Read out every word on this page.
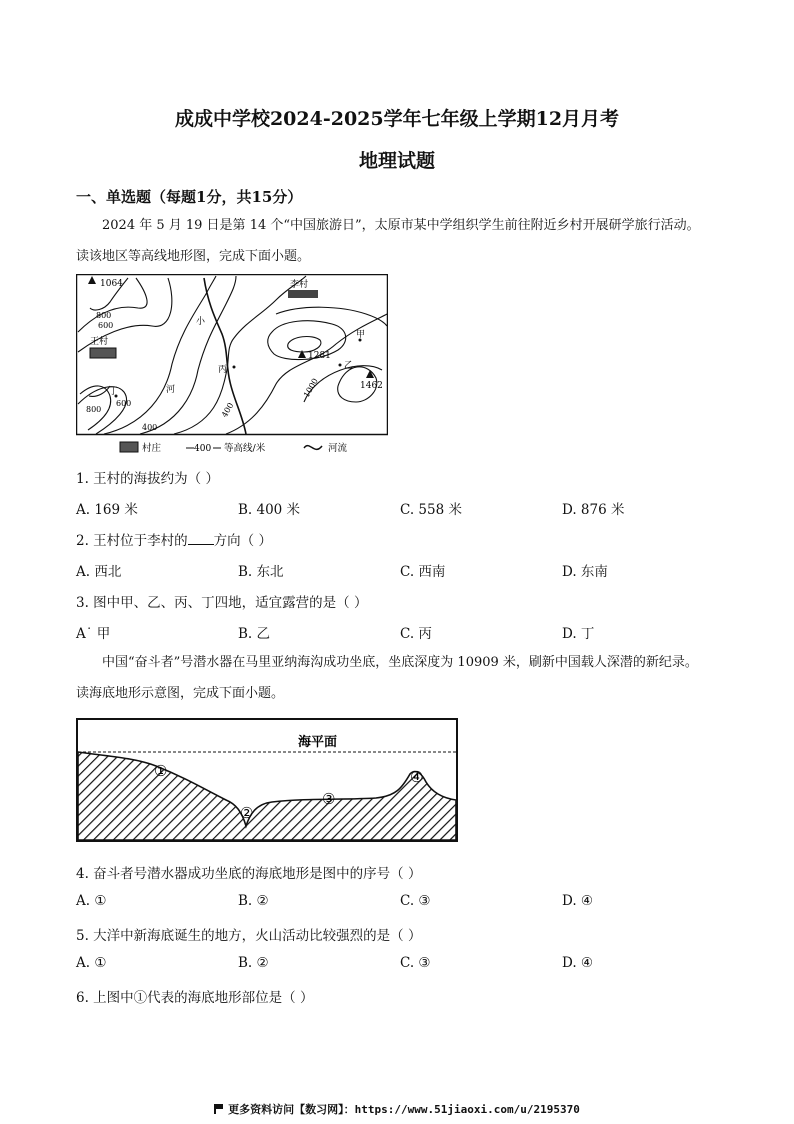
成成中学校2024-2025学年七年级上学期12月月考
地理试题
一、单选题（每题1分，共15分）
2024 年 5 月 19 日是第 14 个“中国旅游日”，太原市某中学组织学生前往附近乡村开展研学旅行活动。
读该地区等高线地形图，完成下面小题。
1064	李村
王村
1281
1462
甲
乙
丙
丁
小
河
800
600
800
600
400
400
1000
村庄	400 等高线/米	河流
1. 王村的海拔约为（ ）
A. 169 米	B. 400 米	C. 558 米	D. 876 米
2. 王村位于李村的 方向（ ）
A. 西北	B. 东北	C. 西南	D. 东南
3. 图中甲、乙、丙、丁四地，适宜露营的是（ ）
A˙ 甲	B. 乙	C. 丙	D. 丁
中国“奋斗者”号潜水器在马里亚纳海沟成功坐底，坐底深度为 10909 米，刷新中国载人深潜的新纪录。
读海底地形示意图，完成下面小题。
海平面
①
②
③
④
4. 奋斗者号潜水器成功坐底的海底地形是图中的序号（ ）
A. ①	B. ②	C. ③	D. ④
5. 大洋中新海底诞生的地方，火山活动比较强烈的是（ ）
A. ①	B. ②	C. ③	D. ④
6. 上图中①代表的海底地形部位是（ ）
更多资料访问【数习网】：https://www.51jiaoxi.com/u/2195370
